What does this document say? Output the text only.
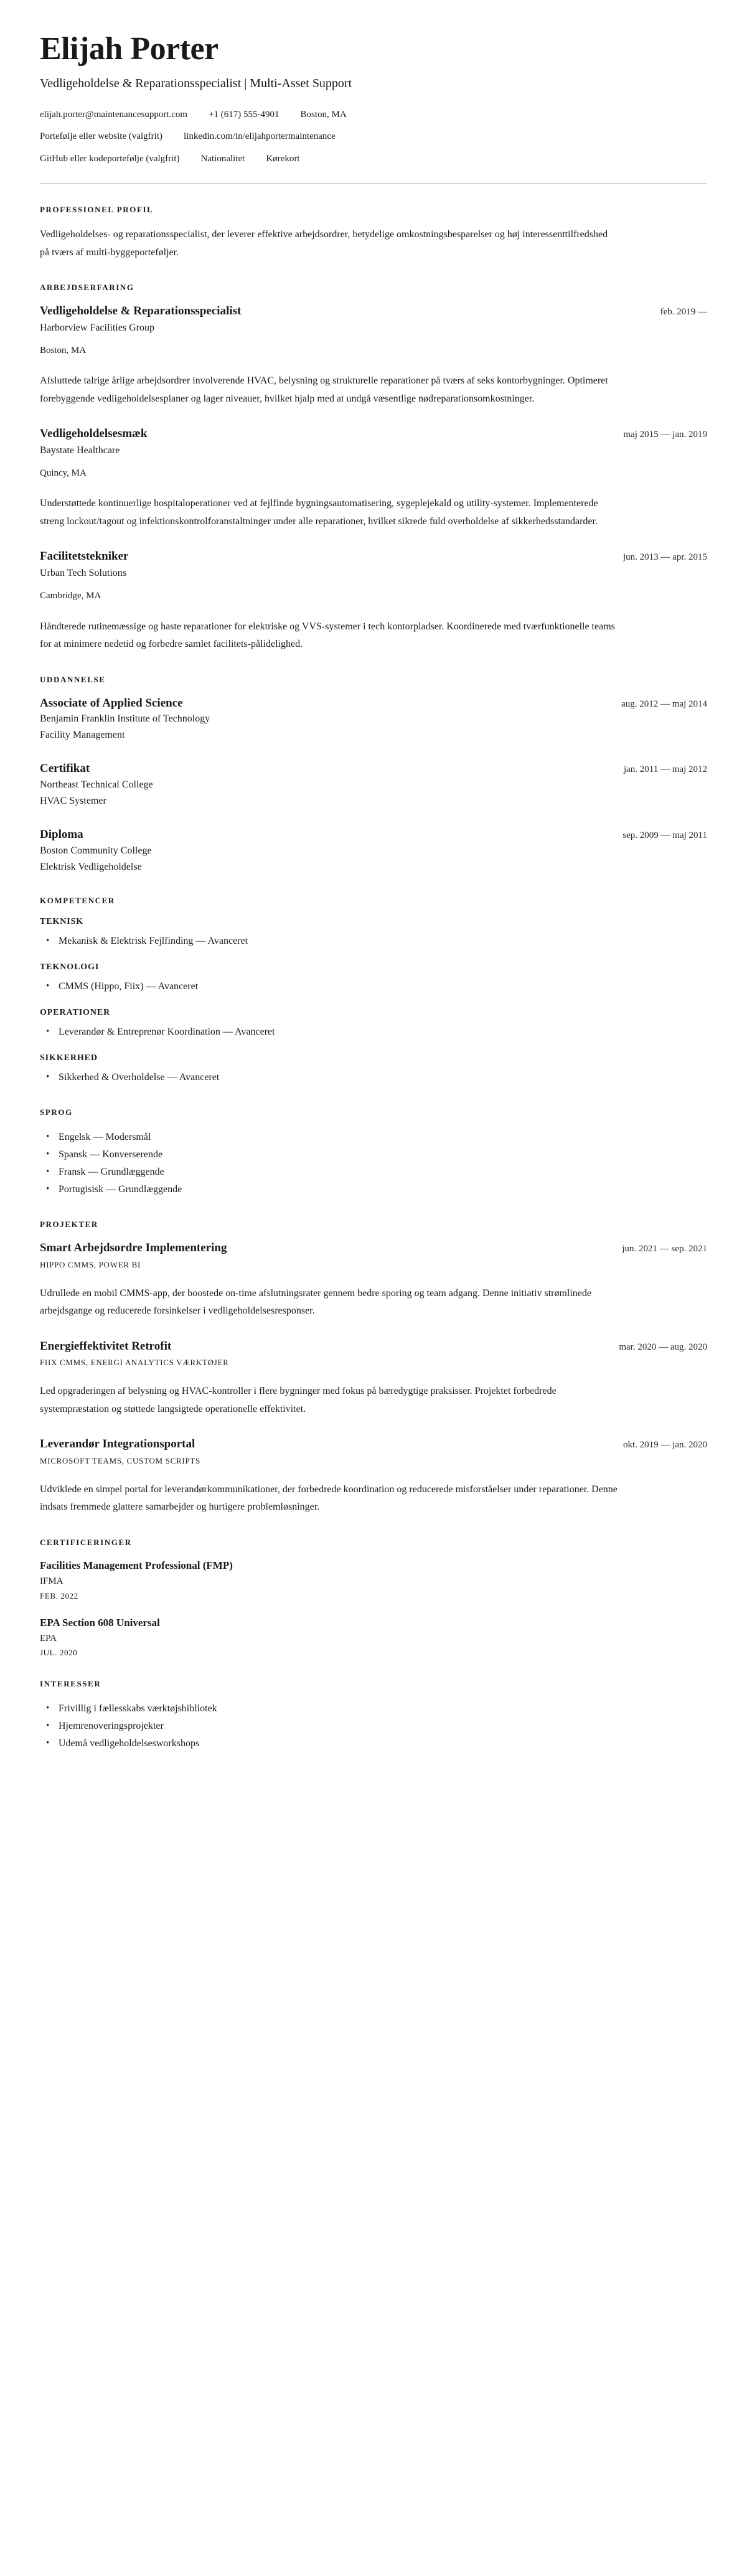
Elijah Porter
Vedligeholdelse & Reparationsspecialist | Multi-Asset Support
elijah.porter@maintenancesupport.com +1 (617) 555-4901 Boston, MA
Portefølje eller website (valgfrit) linkedin.com/in/elijahportermaintenance
GitHub eller kodeportefølje (valgfrit) Nationalitet Kørekort
PROFESSIONEL PROFIL

Vedligeholdelses- og reparationsspecialist, der leverer effektive arbejdsordrer, betydelige omkostningsbesparelser og høj interessenttilfredshed på tværs af multi-byggeporteføljer.

ARBEJDSERFARING
Vedligeholdelse & Reparationsspecialist	feb. 2019 —
Harborview Facilities Group
Boston, MA

Afsluttede talrige årlige arbejdsordrer involverende HVAC, belysning og strukturelle reparationer på tværs af seks kontorbygninger. Optimeret forebyggende vedligeholdelsesplaner og lager niveauer, hvilket hjalp med at undgå væsentlige nødreparationsomkostninger.

Vedligeholdelsesmæk	maj 2015 — jan. 2019
Baystate Healthcare
Quincy, MA

Understøttede kontinuerlige hospitaloperationer ved at fejlfinde bygningsautomatisering, sygeplejekald og utility-systemer. Implementerede streng lockout/tagout og infektionskontrolforanstaltninger under alle reparationer, hvilket sikrede fuld overholdelse af sikkerhedsstandarder.

Facilitetstekniker	jun. 2013 — apr. 2015
Urban Tech Solutions
Cambridge, MA

Håndterede rutinemæssige og haste reparationer for elektriske og VVS-systemer i tech kontorpladser. Koordinerede med tværfunktionelle teams for at minimere nedetid og forbedre samlet facilitets-pålidelighed.

UDDANNELSE
Associate of Applied Science	aug. 2012 — maj 2014
Benjamin Franklin Institute of Technology
Facility Management
Certifikat	jan. 2011 — maj 2012
Northeast Technical College
HVAC Systemer
Diploma	sep. 2009 — maj 2011
Boston Community College
Elektrisk Vedligeholdelse
KOMPETENCER
TEKNISK
• Mekanisk & Elektrisk Fejlfinding — Avanceret
TEKNOLOGI
• CMMS (Hippo, Fiix) — Avanceret
OPERATIONER
• Leverandør & Entreprenør Koordination — Avanceret
SIKKERHED
• Sikkerhed & Overholdelse — Avanceret
SPROG
• Engelsk — Modersmål
• Spansk — Konverserende
• Fransk — Grundlæggende
• Portugisisk — Grundlæggende
PROJEKTER
Smart Arbejdsordre Implementering	jun. 2021 — sep. 2021
HIPPO CMMS, POWER BI

Udrullede en mobil CMMS-app, der boostede on-time afslutningsrater gennem bedre sporing og team adgang. Denne initiativ strømlinede arbejdsgange og reducerede forsinkelser i vedligeholdelsesresponser.

Energieffektivitet Retrofit	mar. 2020 — aug. 2020
FIIX CMMS, ENERGI ANALYTICS VÆRKTØJER

Led opgraderingen af belysning og HVAC-kontroller i flere bygninger med fokus på bæredygtige praksisser. Projektet forbedrede systempræstation og støttede langsigtede operationelle effektivitet.

Leverandør Integrationsportal	okt. 2019 — jan. 2020
MICROSOFT TEAMS, CUSTOM SCRIPTS

Udviklede en simpel portal for leverandørkommunikationer, der forbedrede koordination og reducerede misforståelser under reparationer. Denne indsats fremmede glattere samarbejder og hurtigere problemløsninger.

CERTIFICERINGER
Facilities Management Professional (FMP)
IFMA
FEB. 2022
EPA Section 608 Universal
EPA
JUL. 2020
INTERESSER
• Frivillig i fællesskabs værktøjsbibliotek
• Hjemrenoveringsprojekter
• Udemå vedligeholdelsesworkshops
